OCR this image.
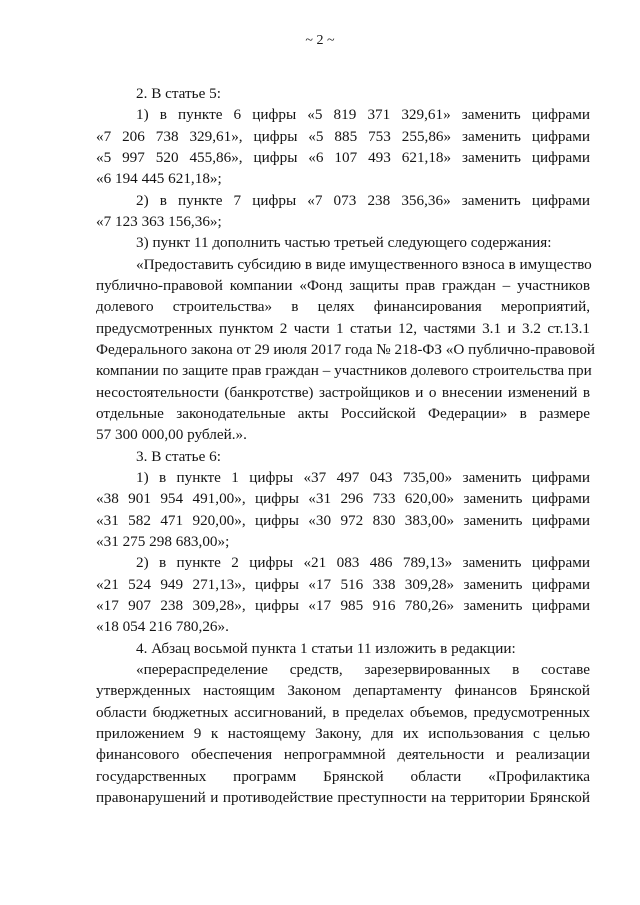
~ 2 ~
2. В статье 5:
1) в пункте 6 цифры «5 819 371 329,61» заменить цифрами
«7 206 738 329,61», цифры «5 885 753 255,86» заменить цифрами
«5 997 520 455,86», цифры «6 107 493 621,18» заменить цифрами
«6 194 445 621,18»;
2) в пункте 7 цифры «7 073 238 356,36» заменить цифрами
«7 123 363 156,36»;
3) пункт 11 дополнить частью третьей следующего содержания:
«Предоставить субсидию в виде имущественного взноса в имущество
публично-правовой компании «Фонд защиты прав граждан – участников
долевого строительства» в целях финансирования мероприятий,
предусмотренных пунктом 2 части 1 статьи 12, частями 3.1 и 3.2 ст.13.1
Федерального закона от 29 июля 2017 года № 218-ФЗ «О публично-правовой
компании по защите прав граждан – участников долевого строительства при
несостоятельности (банкротстве) застройщиков и о внесении изменений в
отдельные законодательные акты Российской Федерации» в размере
57 300 000,00 рублей.».
3. В статье 6:
1) в пункте 1 цифры «37 497 043 735,00» заменить цифрами
«38 901 954 491,00», цифры «31 296 733 620,00» заменить цифрами
«31 582 471 920,00», цифры «30 972 830 383,00» заменить цифрами
«31 275 298 683,00»;
2) в пункте 2 цифры «21 083 486 789,13» заменить цифрами
«21 524 949 271,13», цифры «17 516 338 309,28» заменить цифрами
«17 907 238 309,28», цифры «17 985 916 780,26» заменить цифрами
«18 054 216 780,26».
4. Абзац восьмой пункта 1 статьи 11 изложить в редакции:
«перераспределение средств, зарезервированных в составе
утвержденных настоящим Законом департаменту финансов Брянской
области бюджетных ассигнований, в пределах объемов, предусмотренных
приложением 9 к настоящему Закону, для их использования с целью
финансового обеспечения непрограммной деятельности и реализации
государственных программ Брянской области «Профилактика
правонарушений и противодействие преступности на территории Брянской
